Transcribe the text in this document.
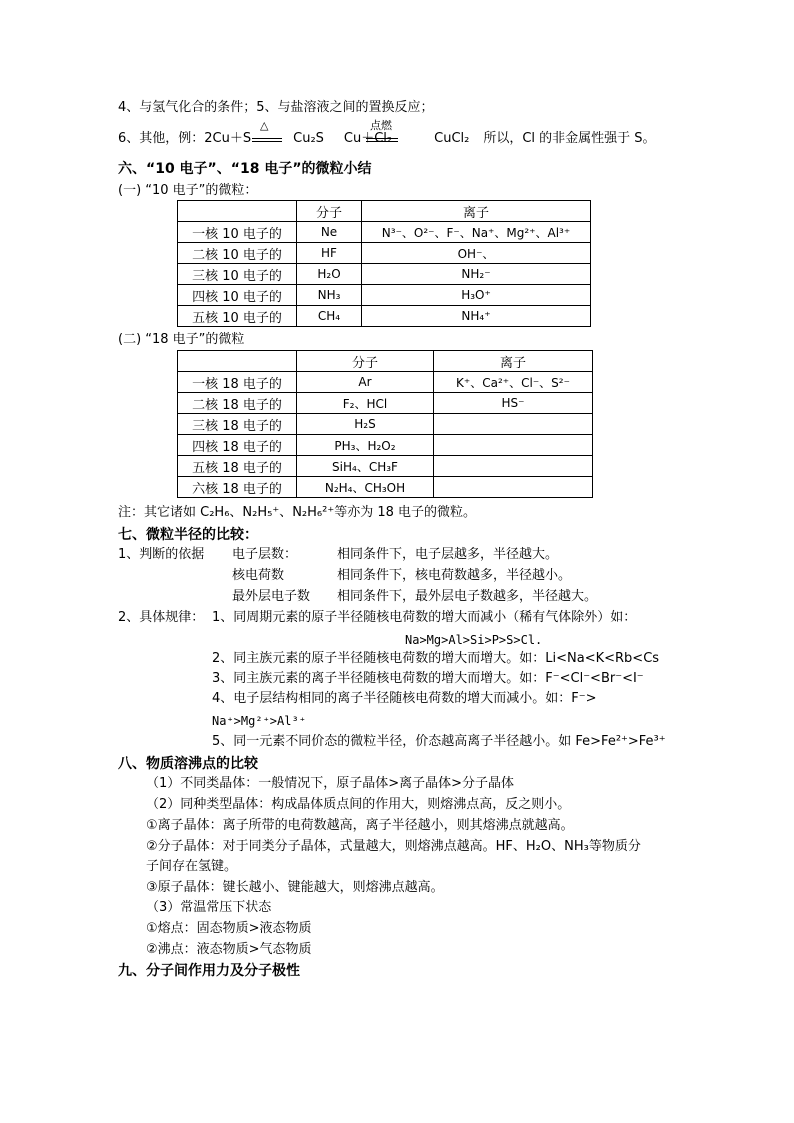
4、与氢气化合的条件；5、与盐溶液之间的置换反应；
6、其他，例：2Cu＋S	Cu₂S Cu＋Cl₂	CuCl₂ 所以，Cl 的非金属性强于 S。
△	点燃
六、“10 电子”、“18 电子”的微粒小结
(一) “10 电子”的微粒：
	分子	离子
一核 10 电子的	Ne	N³⁻、O²⁻、F⁻、Na⁺、Mg²⁺、Al³⁺
二核 10 电子的	HF	OH⁻、
三核 10 电子的	H₂O	NH₂⁻
四核 10 电子的	NH₃	H₃O⁺
五核 10 电子的	CH₄	NH₄⁺
(二) “18 电子”的微粒
	分子	离子
一核 18 电子的	Ar	K⁺、Ca²⁺、Cl⁻、S²⁻
二核 18 电子的	F₂、HCl	HS⁻
三核 18 电子的	H₂S	
四核 18 电子的	PH₃、H₂O₂	
五核 18 电子的	SiH₄、CH₃F	
六核 18 电子的	N₂H₄、CH₃OH	
注：其它诸如 C₂H₆、N₂H₅⁺、N₂H₆²⁺等亦为 18 电子的微粒。
七、微粒半径的比较：
1、判断的依据 电子层数：	相同条件下，电子层越多，半径越大。
核电荷数	相同条件下，核电荷数越多，半径越小。
最外层电子数 相同条件下，最外层电子数越多，半径越大。
2、具体规律： 1、同周期元素的原子半径随核电荷数的增大而减小（稀有气体除外）如：
Na>Mg>Al>Si>P>S>Cl.
2、同主族元素的原子半径随核电荷数的增大而增大。如：Li<Na<K<Rb<Cs
3、同主族元素的离子半径随核电荷数的增大而增大。如：F⁻<Cl⁻<Br⁻<I⁻
4、电子层结构相同的离子半径随核电荷数的增大而减小。如：F⁻>
Na⁺>Mg²⁺>Al³⁺
5、同一元素不同价态的微粒半径，价态越高离子半径越小。如 Fe>Fe²⁺>Fe³⁺
八、物质溶沸点的比较
（1）不同类晶体：一般情况下，原子晶体>离子晶体>分子晶体
（2）同种类型晶体：构成晶体质点间的作用大，则熔沸点高，反之则小。
①离子晶体：离子所带的电荷数越高，离子半径越小，则其熔沸点就越高。
②分子晶体：对于同类分子晶体，式量越大，则熔沸点越高。HF、H₂O、NH₃等物质分
子间存在氢键。
③原子晶体：键长越小、键能越大，则熔沸点越高。
（3）常温常压下状态
①熔点：固态物质>液态物质
②沸点：液态物质>气态物质
九、分子间作用力及分子极性
